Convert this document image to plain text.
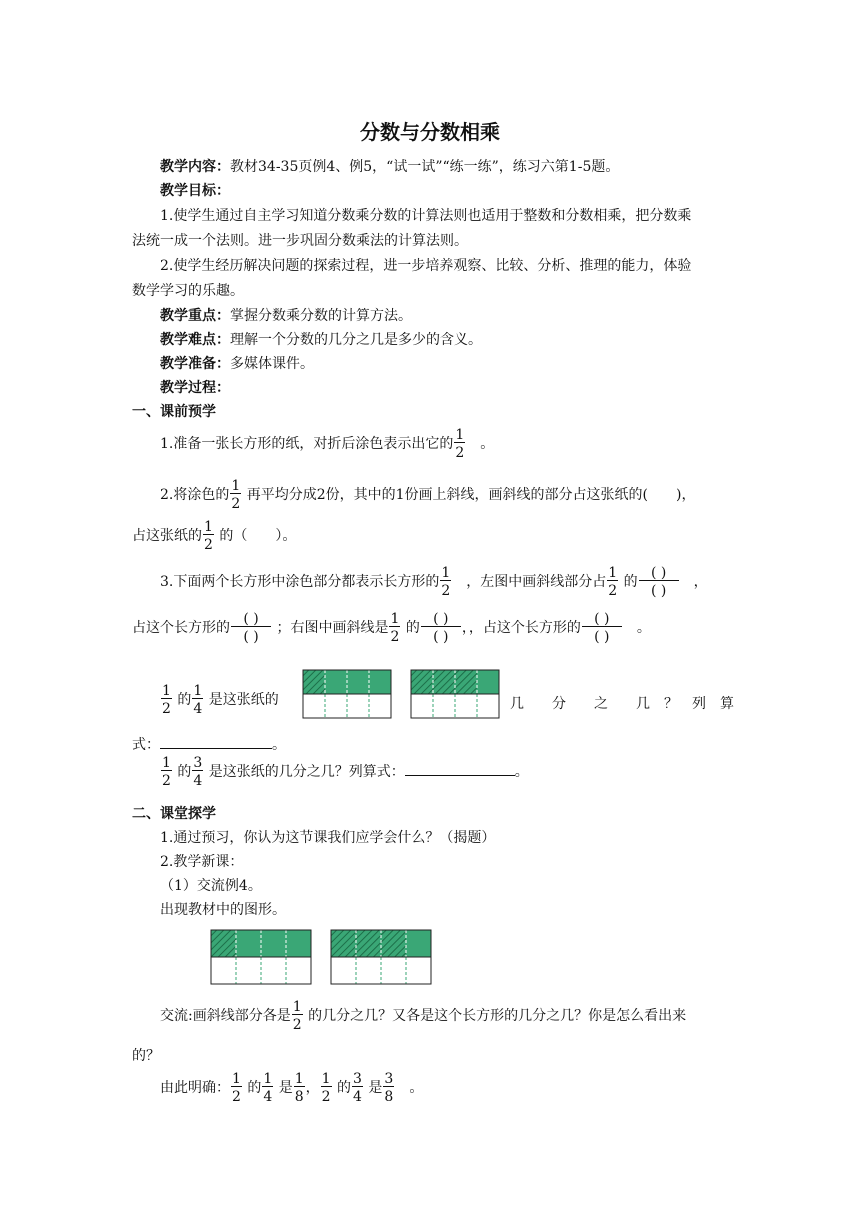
分数与分数相乘
教学内容：教材34-35页例4、例5，“试一试”“练一练”，练习六第1-5题。
教学目标：
1.使学生通过自主学习知道分数乘分数的计算法则也适用于整数和分数相乘，把分数乘
法统一成一个法则。进一步巩固分数乘法的计算法则。
2.使学生经历解决问题的探索过程，进一步培养观察、比较、分析、推理的能力，体验
数学学习的乐趣。
教学重点：掌握分数乘分数的计算方法。
教学难点：理解一个分数的几分之几是多少的含义。
教学准备：多媒体课件。
教学过程：
一、课前预学
1.准备一张长方形的纸，对折后涂色表示出它的 $\frac{1}{2}$
　 。
2.将涂色的 $\frac{1}{2}$ 再平均分成2份，其中的1份画上斜线，画斜线的部分占这张纸的(　　)，
占这张纸的 $\frac{1}{2}$ 的（　　）。
3.下面两个长方形中涂色部分都表示长方形的 $\frac{1}{2}$
　 ，左图中画斜线部分占 $\frac{1}{2}$ 的 $\frac{( )}{( )}$
　 ，
占这个长方形的 $\frac{( )}{( )}$ ；右图中画斜线是 $\frac{1}{2}$ 的 $\frac{( )}{( )}$ ，，占这个长方形的 $\frac{( )}{( )}$
　 。
$\frac{1}{2}$ 的 $\frac{1}{4}$ 是这张纸的	几　　分　　之　　几　？　列　算
式：	。
$\frac{1}{2}$ 的 $\frac{3}{4}$ 是这张纸的几分之几？列算式：	。
二、课堂探学
1.通过预习，你认为这节课我们应学会什么？（揭题）
2.教学新课：
（1）交流例4。
出现教材中的图形。
交流:画斜线部分各是 $\frac{1}{2}$ 的几分之几？又各是这个长方形的几分之几？你是怎么看出来
的？
由此明确： $\frac{1}{2}$ 的 $\frac{1}{4}$ 是 $\frac{1}{8}$ ， $\frac{1}{2}$ 的 $\frac{3}{4}$ 是 $\frac{3}{8}$
　 。
